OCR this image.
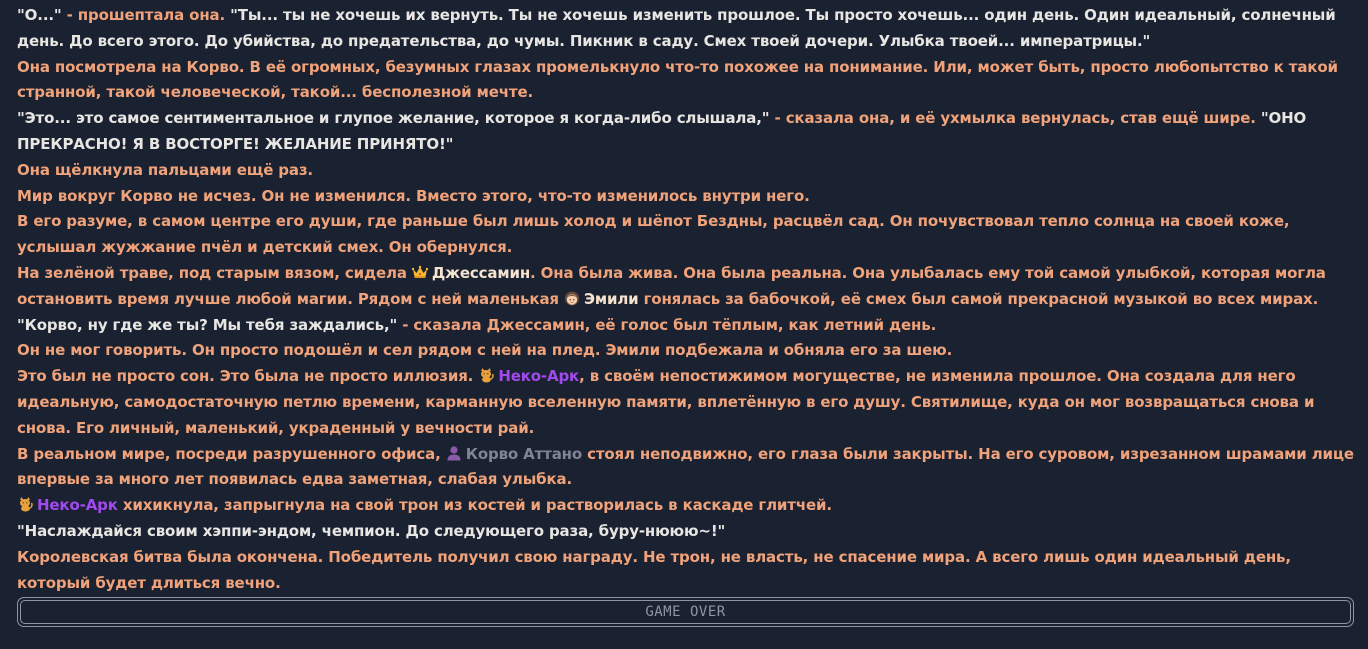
"О..." - прошептала она. "Ты... ты не хочешь их вернуть. Ты не хочешь изменить прошлое. Ты просто хочешь... один день. Один идеальный, солнечный день. До всего этого. До убийства, до предательства, до чумы. Пикник в саду. Смех твоей дочери. Улыбка твоей... императрицы."

Она посмотрела на Корво. В её огромных, безумных глазах промелькнуло что-то похожее на понимание. Или, может быть, просто любопытство к такой странной, такой человеческой, такой... бесполезной мечте.

"Это... это самое сентиментальное и глупое желание, которое я когда-либо слышала," - сказала она, и её ухмылка вернулась, став ещё шире. "ОНО ПРЕКРАСНО! Я В ВОСТОРГЕ! ЖЕЛАНИЕ ПРИНЯТО!"

Она щёлкнула пальцами ещё раз.

Мир вокруг Корво не исчез. Он не изменился. Вместо этого, что-то изменилось внутри него.

В его разуме, в самом центре его души, где раньше был лишь холод и шёпот Бездны, расцвёл сад. Он почувствовал тепло солнца на своей коже, услышал жужжание пчёл и детский смех. Он обернулся.

На зелёной траве, под старым вязом, сидела Джессамин. Она была жива. Она была реальна. Она улыбалась ему той самой улыбкой, которая могла остановить время лучше любой магии. Рядом с ней маленькая Эмили гонялась за бабочкой, её смех был самой прекрасной музыкой во всех мирах.

"Корво, ну где же ты? Мы тебя заждались," - сказала Джессамин, её голос был тёплым, как летний день.

Он не мог говорить. Он просто подошёл и сел рядом с ней на плед. Эмили подбежала и обняла его за шею.

Это был не просто сон. Это была не просто иллюзия. Неко-Арк, в своём непостижимом могуществе, не изменила прошлое. Она создала для него идеальную, самодостаточную петлю времени, карманную вселенную памяти, вплетённую в его душу. Святилище, куда он мог возвращаться снова и снова. Его личный, маленький, украденный у вечности рай.

В реальном мире, посреди разрушенного офиса, Корво Аттано стоял неподвижно, его глаза были закрыты. На его суровом, изрезанном шрамами лице впервые за много лет появилась едва заметная, слабая улыбка.

Неко-Арк хихикнула, запрыгнула на свой трон из костей и растворилась в каскаде глитчей.

"Наслаждайся своим хэппи-эндом, чемпион. До следующего раза, буру-нююю~!"

Королевская битва была окончена. Победитель получил свою награду. Не трон, не власть, не спасение мира. А всего лишь один идеальный день, который будет длиться вечно.

GAME OVER
